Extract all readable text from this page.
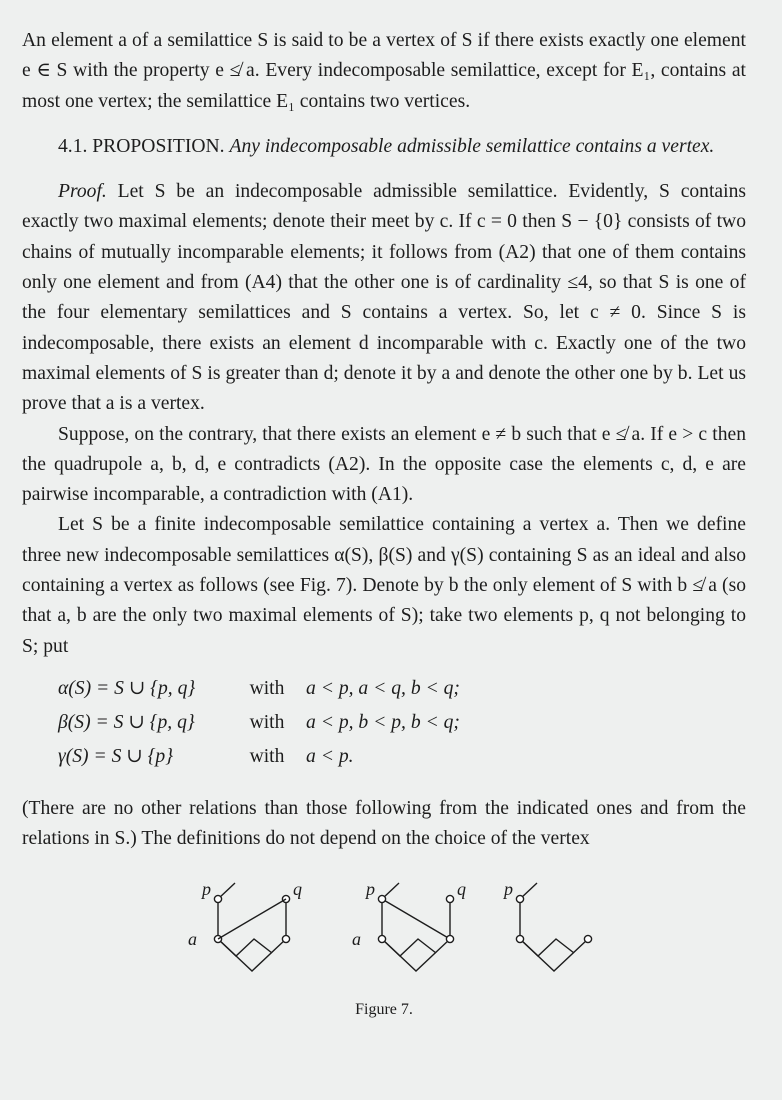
An element a of a semilattice S is said to be a vertex of S if there exists exactly one element e ∈ S with the property e ≰ a. Every indecomposable semilattice, except for E₁, contains at most one vertex; the semilattice E₁ contains two vertices.

4.1. PROPOSITION. Any indecomposable admissible semilattice contains a vertex.

Proof. Let S be an indecomposable admissible semilattice. Evidently, S contains exactly two maximal elements; denote their meet by c. If c = 0 then S − {0} consists of two chains of mutually incomparable elements; it follows from (A2) that one of them contains only one element and from (A4) that the other one is of cardinality ≤4, so that S is one of the four elementary semilattices and S contains a vertex. So, let c ≠ 0. Since S is indecomposable, there exists an element d incomparable with c. Exactly one of the two maximal elements of S is greater than d; denote it by a and denote the other one by b. Let us prove that a is a vertex.

Suppose, on the contrary, that there exists an element e ≠ b such that e ≰ a. If e > c then the quadrupole a, b, d, e contradicts (A2). In the opposite case the elements c, d, e are pairwise incomparable, a contradiction with (A1).

Let S be a finite indecomposable semilattice containing a vertex a. Then we define three new indecomposable semilattices α(S), β(S) and γ(S) containing S as an ideal and also containing a vertex as follows (see Fig. 7). Denote by b the only element of S with b ≰ a (so that a, b are the only two maximal elements of S); take two elements p, q not belonging to S; put

α(S) = S ∪ {p, q}	with	a < p, a < q, b < q;
β(S) = S ∪ {p, q}	with	a < p, b < p, b < q;
γ(S) = S ∪ {p}	with	a < p.

(There are no other relations than those following from the indicated ones and from the relations in S.) The definitions do not depend on the choice of the vertex

p	q
a
p	q
a
p
Figure 7.
